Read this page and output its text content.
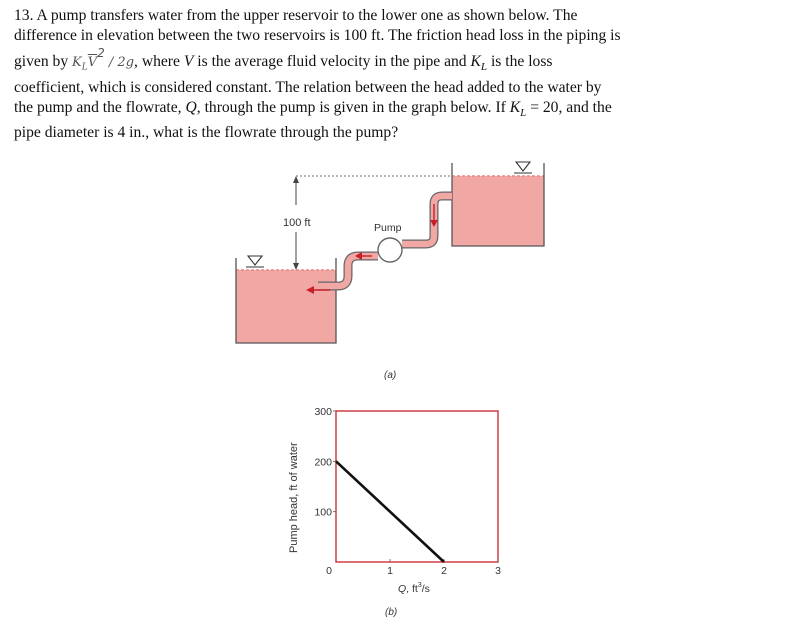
13. A pump transfers water from the upper reservoir to the lower one as shown below. The

difference in elevation between the two reservoirs is 100 ft. The friction head loss in the piping is

given by $K_L\overline{V}2 / 2g$, where V is the average fluid velocity in the pipe and $K_L$ is the loss

coefficient, which is considered constant. The relation between the head added to the water by

the pump and the flowrate, Q, through the pump is given in the graph below. If $K_L = 20$, and the

pipe diameter is 4 in., what is the flowrate through the pump?

100 ft	Pump
(a)
0
100
200
300
1	2	3
Pump head, ft of water
Q, $ft^3/s$
(b)
